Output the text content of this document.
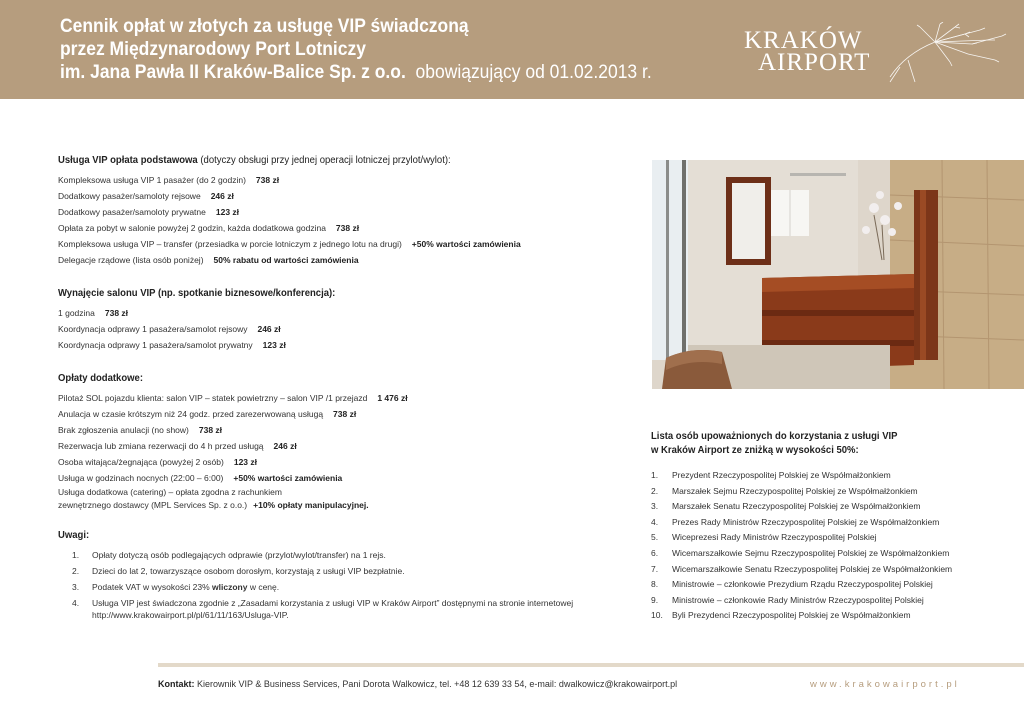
Cennik opłat w złotych za usługę VIP świadczoną
przez Międzynarodowy Port Lotniczy
im. Jana Pawła II Kraków-Balice Sp. z o.o. obowiązujący od 01.02.2013 r.
KRAKÓW
AIRPORT
Usługa VIP opłata podstawowa (dotyczy obsługi przy jednej operacji lotniczej przylot/wylot):
Kompleksowa usługa VIP 1 pasażer (do 2 godzin) 738 zł
Dodatkowy pasażer/samoloty rejsowe 246 zł
Dodatkowy pasażer/samoloty prywatne 123 zł
Opłata za pobyt w salonie powyżej 2 godzin, każda dodatkowa godzina 738 zł
Kompleksowa usługa VIP – transfer (przesiadka w porcie lotniczym z jednego lotu na drugi) +50% wartości zamówienia
Delegacje rządowe (lista osób poniżej) 50% rabatu od wartości zamówienia
Wynajęcie salonu VIP (np. spotkanie biznesowe/konferencja):
1 godzina 738 zł
Koordynacja odprawy 1 pasażera/samolot rejsowy 246 zł
Koordynacja odprawy 1 pasażera/samolot prywatny 123 zł
Opłaty dodatkowe:
Pilotaż SOL pojazdu klienta: salon VIP – statek powietrzny – salon VIP /1 przejazd 1 476 zł
Anulacja w czasie krótszym niż 24 godz. przed zarezerwowaną usługą 738 zł
Brak zgłoszenia anulacji (no show) 738 zł
Rezerwacja lub zmiana rezerwacji do 4 h przed usługą 246 zł
Osoba witająca/żegnająca (powyżej 2 osób) 123 zł
Usługa w godzinach nocnych (22:00 – 6:00) +50% wartości zamówienia
Usługa dodatkowa (catering) – opłata zgodna z rachunkiem
zewnętrznego dostawcy (MPL Services Sp. z o.o.) +10% opłaty manipulacyjnej.
Uwagi:
1.	Opłaty dotyczą osób podlegających odprawie (przylot/wylot/transfer) na 1 rejs.
2.	Dzieci do lat 2, towarzyszące osobom dorosłym, korzystają z usługi VIP bezpłatnie.
3.	Podatek VAT w wysokości 23% wliczony w cenę.
4.	Usługa VIP jest świadczona zgodnie z „Zasadami korzystania z usługi VIP w Kraków Airport” dostępnymi na stronie internetowej
http://www.krakowairport.pl/pl/61/11/163/Usluga-VIP.
Lista osób upoważnionych do korzystania z usługi VIP
w Kraków Airport ze zniżką w wysokości 50%:
1.	Prezydent Rzeczypospolitej Polskiej ze Współmałżonkiem
2.	Marszałek Sejmu Rzeczypospolitej Polskiej ze Współmałżonkiem
3.	Marszałek Senatu Rzeczypospolitej Polskiej ze Współmałżonkiem
4.	Prezes Rady Ministrów Rzeczypospolitej Polskiej ze Współmałżonkiem
5.	Wiceprezesi Rady Ministrów Rzeczypospolitej Polskiej
6.	Wicemarszałkowie Sejmu Rzeczypospolitej Polskiej ze Współmałżonkiem
7.	Wicemarszałkowie Senatu Rzeczypospolitej Polskiej ze Współmałżonkiem
8.	Ministrowie – członkowie Prezydium Rządu Rzeczypospolitej Polskiej
9.	Ministrowie – członkowie Rady Ministrów Rzeczypospolitej Polskiej
10.	Byli Prezydenci Rzeczypospolitej Polskiej ze Współmałżonkiem
Kontakt: Kierownik VIP & Business Services, Pani Dorota Walkowicz, tel. +48 12 639 33 54, e-mail: dwalkowicz@krakowairport.pl	www.krakowairport.pl
